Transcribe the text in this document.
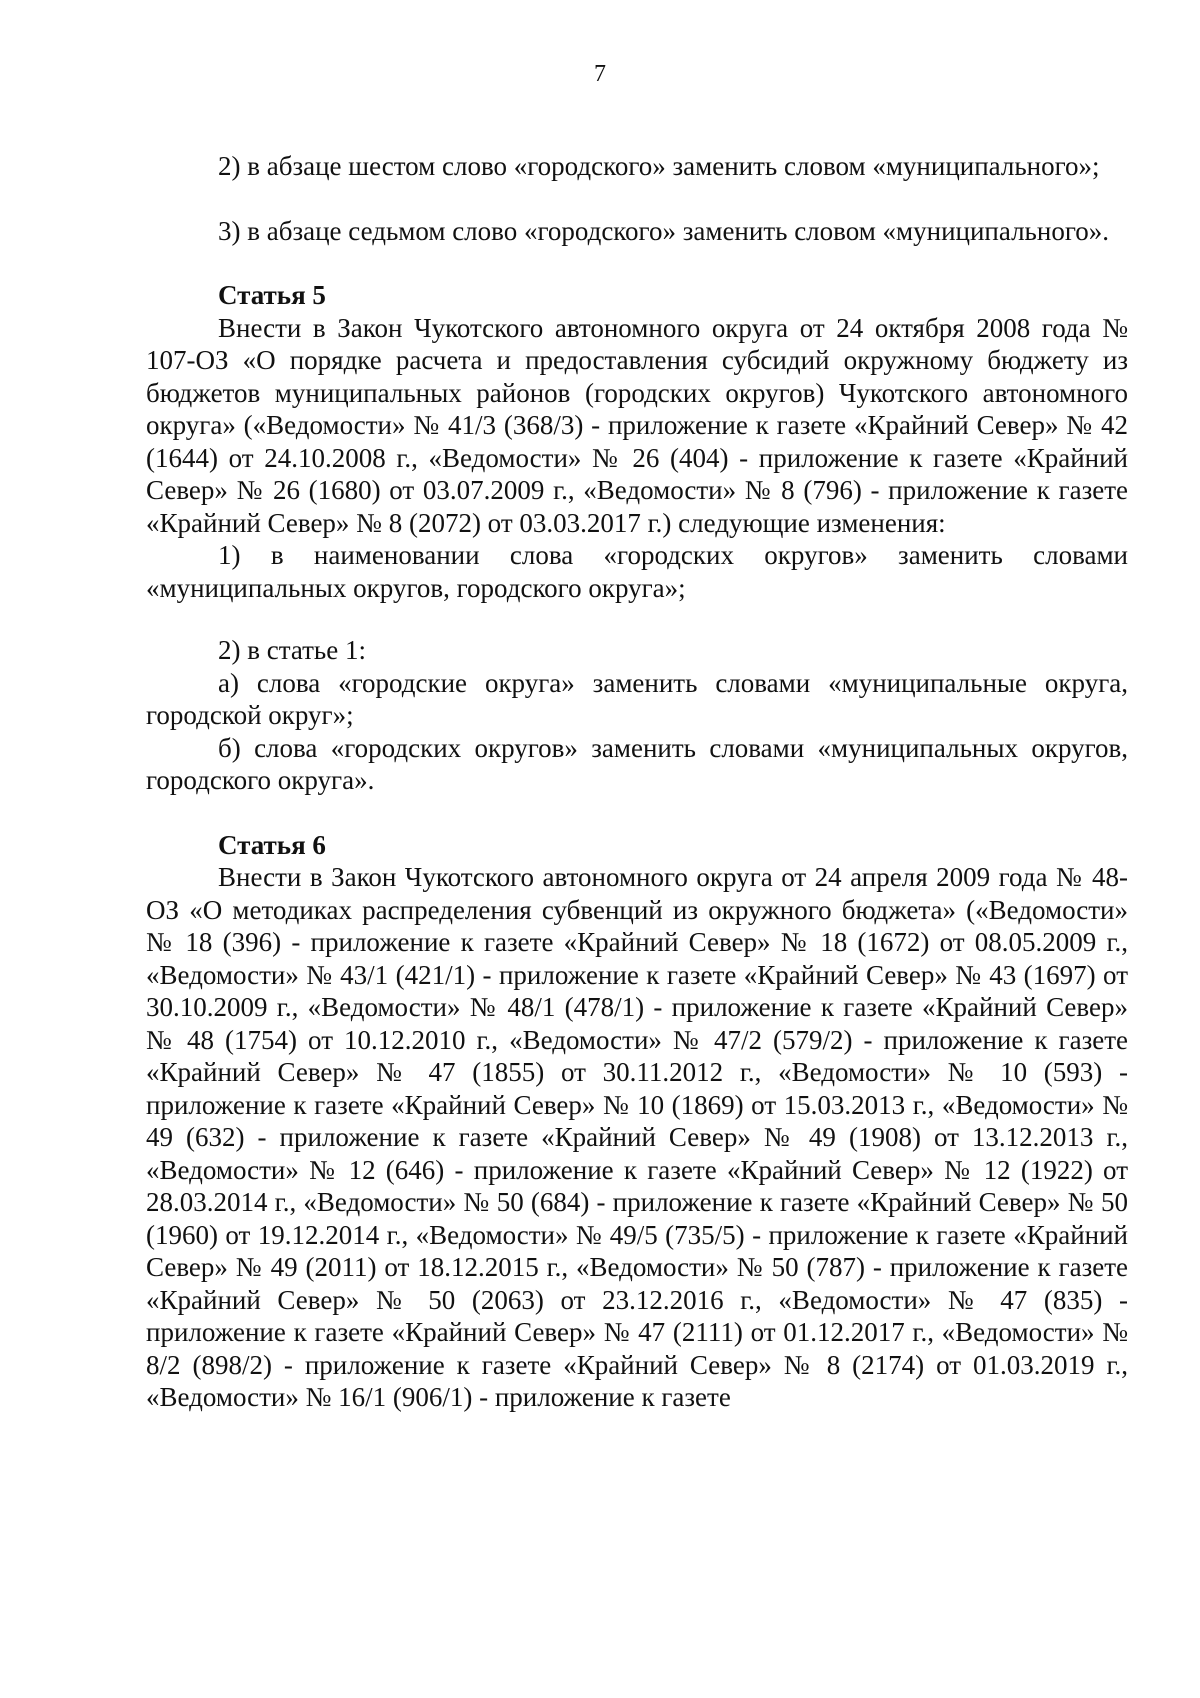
7

2) в абзаце шестом слово «городского» заменить словом «муниципального»;

3) в абзаце седьмом слово «городского» заменить словом «муниципального».

Статья 5

Внести в Закон Чукотского автономного округа от 24 октября 2008 года № 107-ОЗ «О порядке расчета и предоставления субсидий окружному бюджету из бюджетов муниципальных районов (городских округов) Чукотского автономного округа» («Ведомости» № 41/3 (368/3) - приложение к газете «Крайний Север» № 42 (1644) от 24.10.2008 г., «Ведомости» № 26 (404) - приложение к газете «Крайний Север» № 26 (1680) от 03.07.2009 г., «Ведомости» № 8 (796) - приложение к газете «Крайний Север» № 8 (2072) от 03.03.2017 г.) следующие изменения:

1) в наименовании слова «городских округов» заменить словами «муниципальных округов, городского округа»;

2) в статье 1:

а) слова «городские округа» заменить словами «муниципальные округа, городской округ»;

б) слова «городских округов» заменить словами «муниципальных округов, городского округа».

Статья 6

Внести в Закон Чукотского автономного округа от 24 апреля 2009 года № 48-ОЗ «О методиках распределения субвенций из окружного бюджета» («Ведомости» № 18 (396) - приложение к газете «Крайний Север» № 18 (1672) от 08.05.2009 г., «Ведомости» № 43/1 (421/1) - приложение к газете «Крайний Север» № 43 (1697) от 30.10.2009 г., «Ведомости» № 48/1 (478/1) - приложение к газете «Крайний Север» № 48 (1754) от 10.12.2010 г., «Ведомости» № 47/2 (579/2) - приложение к газете «Крайний Север» № 47 (1855) от 30.11.2012 г., «Ведомости» № 10 (593) - приложение к газете «Крайний Север» № 10 (1869) от 15.03.2013 г., «Ведомости» № 49 (632) - приложение к газете «Крайний Север» № 49 (1908) от 13.12.2013 г., «Ведомости» № 12 (646) - приложение к газете «Крайний Север» № 12 (1922) от 28.03.2014 г., «Ведомости» № 50 (684) - приложение к газете «Крайний Север» № 50 (1960) от 19.12.2014 г., «Ведомости» № 49/5 (735/5) - приложение к газете «Крайний Север» № 49 (2011) от 18.12.2015 г., «Ведомости» № 50 (787) - приложение к газете «Крайний Север» № 50 (2063) от 23.12.2016 г., «Ведомости» № 47 (835) - приложение к газете «Крайний Север» № 47 (2111) от 01.12.2017 г., «Ведомости» № 8/2 (898/2) - приложение к газете «Крайний Север» № 8 (2174) от 01.03.2019 г., «Ведомости» № 16/1 (906/1) - приложение к газете
